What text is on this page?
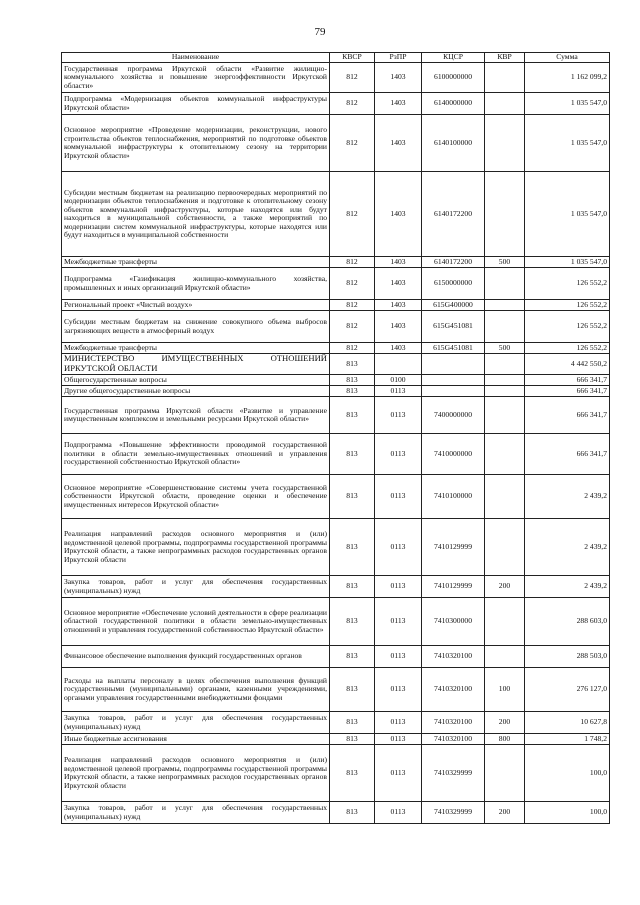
79
Наименование	КВСР	РзПР	КЦСР	КВР	Сумма
Государственная программа Иркутской области «Развитие жилищно-коммунального хозяйства и повышение энергоэффективности Иркутской области»	812	1403	6100000000		1 162 099,2
Подпрограмма «Модернизация объектов коммунальной инфраструктуры Иркутской области»	812	1403	6140000000		1 035 547,0
Основное мероприятие «Проведение модернизации, реконструкции, нового строительства объектов теплоснабжения, мероприятий по подготовке объектов коммунальной инфраструктуры к отопительному сезону на территории Иркутской области»	812	1403	6140100000		1 035 547,0
Субсидии местным бюджетам на реализацию первоочередных мероприятий по модернизации объектов теплоснабжения и подготовке к отопительному сезону объектов коммунальной инфраструктуры, которые находятся или будут находиться в муниципальной собственности, а также мероприятий по модернизации систем коммунальной инфраструктуры, которые находятся или будут находиться в муниципальной собственности	812	1403	6140172200		1 035 547,0
Межбюджетные трансферты	812	1403	6140172200	500	1 035 547,0
Подпрограмма «Газификация жилищно-коммунального хозяйства, промышленных и иных организаций Иркутской области»	812	1403	6150000000		126 552,2
Региональный проект «Чистый воздух»	812	1403	615G400000		126 552,2
Субсидии местным бюджетам на снижение совокупного объема выбросов загрязняющих веществ в атмосферный воздух	812	1403	615G451081		126 552,2
Межбюджетные трансферты	812	1403	615G451081	500	126 552,2
МИНИСТЕРСТВО ИМУЩЕСТВЕННЫХ ОТНОШЕНИЙ ИРКУТСКОЙ ОБЛАСТИ	813				4 442 550,2
Общегосударственные вопросы	813	0100			666 341,7
Другие общегосударственные вопросы	813	0113			666 341,7
Государственная программа Иркутской области «Развитие и управление имущественным комплексом и земельными ресурсами Иркутской области»	813	0113	7400000000		666 341,7
Подпрограмма «Повышение эффективности проводимой государственной политики в области земельно-имущественных отношений и управления государственной собственностью Иркутской области»	813	0113	7410000000		666 341,7
Основное мероприятие «Совершенствование системы учета государственной собственности Иркутской области, проведение оценки и обеспечение имущественных интересов Иркутской области»	813	0113	7410100000		2 439,2
Реализация направлений расходов основного мероприятия и (или) ведомственной целевой программы, подпрограммы государственной программы Иркутской области, а также непрограммных расходов государственных органов Иркутской области	813	0113	7410129999		2 439,2
Закупка товаров, работ и услуг для обеспечения государственных (муниципальных) нужд	813	0113	7410129999	200	2 439,2
Основное мероприятие «Обеспечение условий деятельности в сфере реализации областной государственной политики в области земельно-имущественных отношений и управления государственной собственностью Иркутской области»	813	0113	7410300000		288 603,0
Финансовое обеспечение выполнения функций государственных органов	813	0113	7410320100		288 503,0
Расходы на выплаты персоналу в целях обеспечения выполнения функций государственными (муниципальными) органами, казенными учреждениями, органами управления государственными внебюджетными фондами	813	0113	7410320100	100	276 127,0
Закупка товаров, работ и услуг для обеспечения государственных (муниципальных) нужд	813	0113	7410320100	200	10 627,8
Иные бюджетные ассигнования	813	0113	7410320100	800	1 748,2
Реализация направлений расходов основного мероприятия и (или) ведомственной целевой программы, подпрограммы государственной программы Иркутской области, а также непрограммных расходов государственных органов Иркутской области	813	0113	7410329999		100,0
Закупка товаров, работ и услуг для обеспечения государственных (муниципальных) нужд	813	0113	7410329999	200	100,0
